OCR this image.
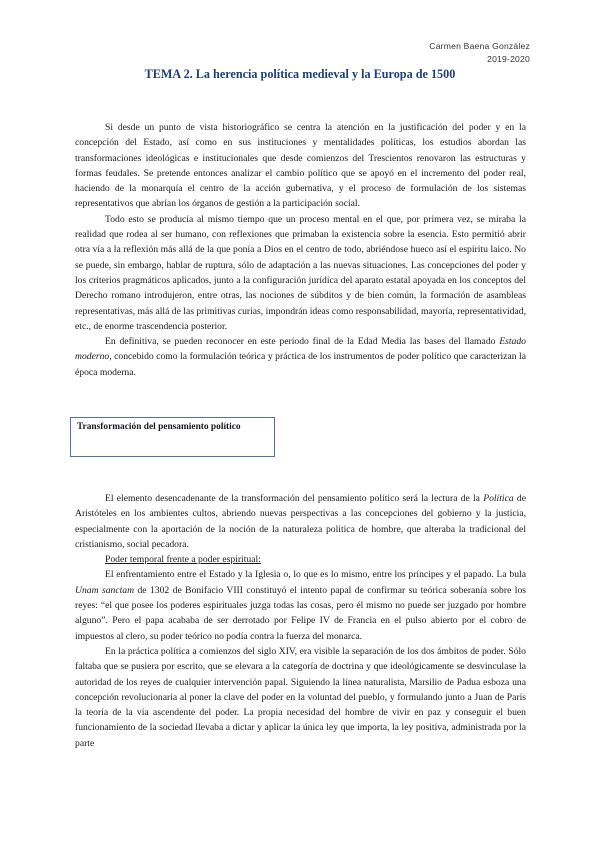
Carmen Baena González
2019-2020
TEMA 2. La herencia política medieval y la Europa de 1500

Si desde un punto de vista historiográfico se centra la atención en la justificación del poder y en la concepción del Estado, así como en sus instituciones y mentalidades políticas, los estudios abordan las transformaciones ideológicas e institucionales que desde comienzos del Trescientos renovaron las estructuras y formas feudales. Se pretende entonces analizar el cambio político que se apoyó en el incremento del poder real, haciendo de la monarquía el centro de la acción gubernativa, y el proceso de formulación de los sistemas representativos que abrían los órganos de gestión a la participación social.

Todo esto se producía al mismo tiempo que un proceso mental en el que, por primera vez, se miraba la realidad que rodea al ser humano, con reflexiones que primaban la existencia sobre la esencia. Esto permitió abrir otra vía a la reflexión más allá de la que ponía a Dios en el centro de todo, abriéndose hueco así el espíritu laico. No se puede, sin embargo, hablar de ruptura, sólo de adaptación a las nuevas situaciones. Las concepciones del poder y los criterios pragmáticos aplicados, junto a la configuración jurídica del aparato estatal apoyada en los conceptos del Derecho romano introdujeron, entre otras, las nociones de súbditos y de bien común, la formación de asambleas representativas, más allá de las primitivas curias, impondrán ideas como responsabilidad, mayoría, representatividad, etc., de enorme trascendencia posterior.

En definitiva, se pueden reconocer en este período final de la Edad Media las bases del llamado Estado moderno, concebido como la formulación teórica y práctica de los instrumentos de poder político que caracterizan la época moderna.

Transformación del pensamiento político

El elemento desencadenante de la transformación del pensamiento político será la lectura de la Política de Aristóteles en los ambientes cultos, abriendo nuevas perspectivas a las concepciones del gobierno y la justicia, especialmente con la aportación de la noción de la naturaleza política de hombre, que alteraba la tradicional del cristianismo, social pecadora.

Poder temporal frente a poder espiritual:

El enfrentamiento entre el Estado y la Iglesia o, lo que es lo mismo, entre los príncipes y el papado. La bula Unam sanctam de 1302 de Bonifacio VIII constituyó el intento papal de confirmar su teórica soberanía sobre los reyes: “el que posee los poderes espirituales juzga todas las cosas, pero él mismo no puede ser juzgado por hombre alguno”. Pero el papa acababa de ser derrotado por Felipe IV de Francia en el pulso abierto por el cobro de impuestos al clero, su poder teórico no podía contra la fuerza del monarca.

En la práctica política a comienzos del siglo XIV, era visible la separación de los dos ámbitos de poder. Sólo faltaba que se pusiera por escrito, que se elevara a la categoría de doctrina y que ideológicamente se desvinculase la autoridad de los reyes de cualquier intervención papal. Siguiendo la línea naturalista, Marsilio de Padua esboza una concepción revolucionaria al poner la clave del poder en la voluntad del pueblo, y formulando junto a Juan de París la teoría de la vía ascendente del poder. La propia necesidad del hombre de vivir en paz y conseguir el buen funcionamiento de la sociedad llevaba a dictar y aplicar la única ley que importa, la ley positiva, administrada por la parte
